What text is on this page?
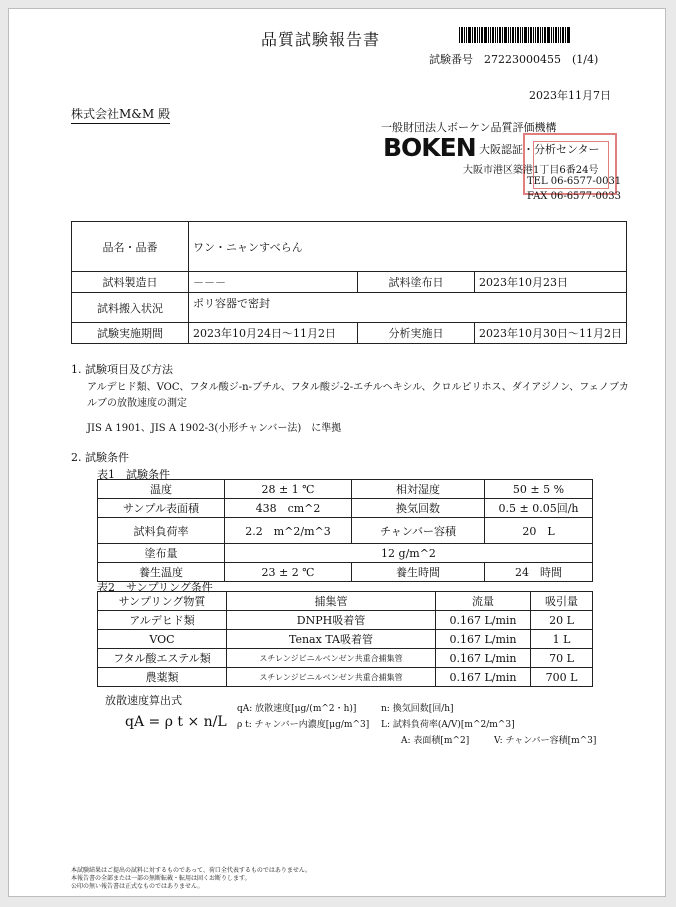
品質試験報告書
試験番号　27223000455　(1/4)
2023年11月7日
株式会社M&M 殿
一般財団法人ボーケン品質評価機構
BOKEN 大阪認証・分析センター
大阪市港区築港1丁目6番24号
TEL 06-6577-0031
FAX 06-6577-0033
品名・品番	ワン・ニャンすべらん		
試料製造日	－－－	試料塗布日	2023年10月23日
試料搬入状況	ポリ容器で密封		
試験実施期間	2023年10月24日～11月2日	分析実施日	2023年10月30日～11月2日
1. 試験項目及び方法
アルデヒド類、VOC、フタル酸ジ-n-ブチル、フタル酸ジ-2-エチルヘキシル、クロルピリホス、ダイアジノン、フェノブカルブの放散速度の測定
JIS A 1901、JIS A 1902-3(小形チャンバー法)　に準拠
2. 試験条件
表1　試験条件
温度	28 ± 1 ℃	相対湿度	50 ± 5 %
サンプル表面積	438　cm^2	換気回数	0.5 ± 0.05回/h
試料負荷率	2.2　m^2/m^3	チャンバー容積	20　L
塗布量	12 g/m^2		
養生温度	23 ± 2 ℃	養生時間	24　時間
表2　サンプリング条件
サンプリング物質	捕集管	流量	吸引量
アルデヒド類	DNPH吸着管	0.167 L/min	20 L
VOC	Tenax TA吸着管	0.167 L/min	1 L
フタル酸エステル類	スチレンジビニルベンゼン共重合捕集管	0.167 L/min	70 L
農薬類	スチレンジビニルベンゼン共重合捕集管	0.167 L/min	700 L
放散速度算出式
qA = ρ t × n/L
qA: 放散速度[μg/(m^2・h)]
ρ t: チャンバー内濃度[μg/m^3]
n: 換気回数[回/h]
L: 試料負荷率(A/V)[m^2/m^3]
A: 表面積[m^2]	V: チャンバー容積[m^3]
本試験結果はご提出の試料に対するものであって、荷口全代表するものではありません。
本報告書の全部または一部の無断転載・転用は固くお断りします。
公印の無い報告書は正式なものではありません。
